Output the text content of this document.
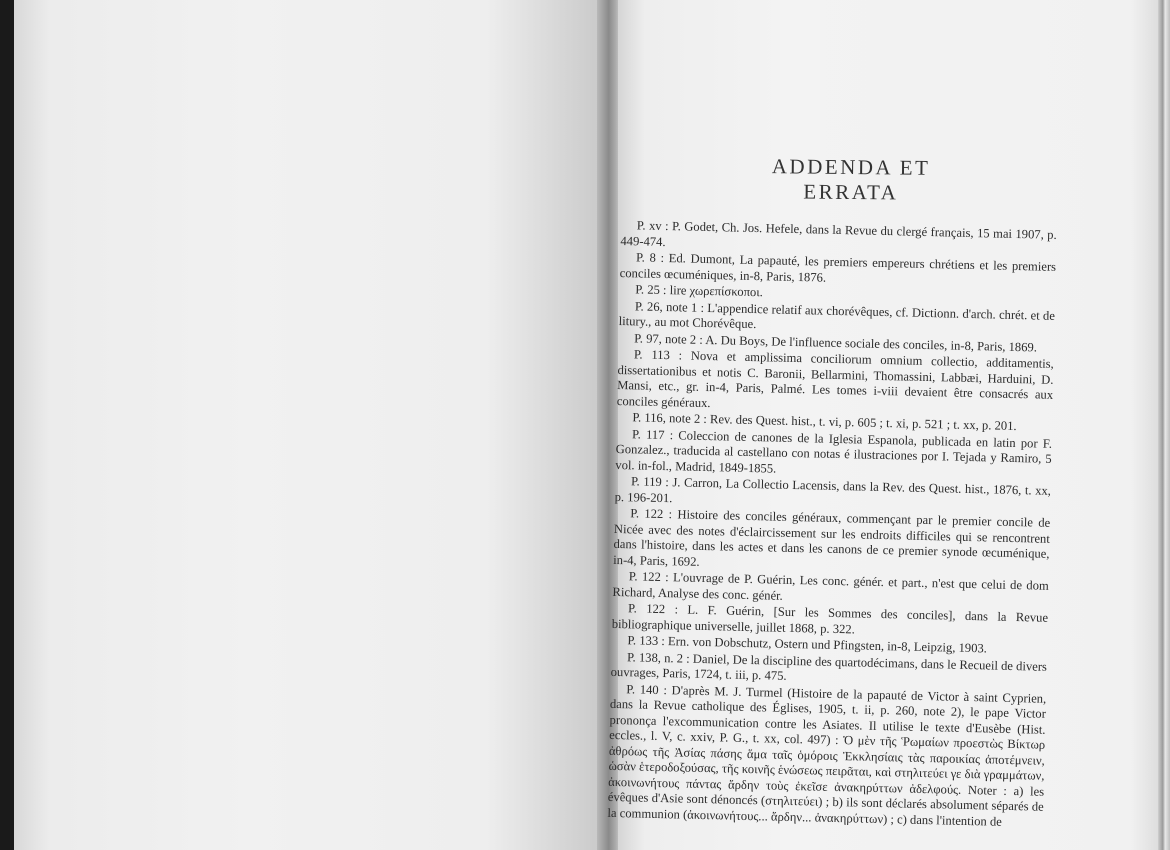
ADDENDA ET ERRATA

P. xv : P. Godet, Ch. Jos. Hefele, dans la Revue du clergé français, 15 mai 1907, p. 449-474.

P. 8 : Ed. Dumont, La papauté, les premiers empereurs chrétiens et les premiers conciles œcuméniques, in-8, Paris, 1876.

P. 25 : lire χωρεπίσκοποι.

P. 26, note 1 : L'appendice relatif aux chorévêques, cf. Dictionn. d'arch. chrét. et de litury., au mot Chorévêque.

P. 97, note 2 : A. Du Boys, De l'influence sociale des conciles, in-8, Paris, 1869.

P. 113 : Nova et amplissima conciliorum omnium collectio, additamentis, dissertationibus et notis C. Baronii, Bellarmini, Thomassini, Labbæi, Harduini, D. Mansi, etc., gr. in-4, Paris, Palmé. Les tomes i-viii devaient être consacrés aux conciles généraux.

P. 116, note 2 : Rev. des Quest. hist., t. vi, p. 605 ; t. xi, p. 521 ; t. xx, p. 201.

P. 117 : Coleccion de canones de la Iglesia Espanola, publicada en latin por F. Gonzalez., traducida al castellano con notas é ilustraciones por I. Tejada y Ramiro, 5 vol. in-fol., Madrid, 1849-1855.

P. 119 : J. Carron, La Collectio Lacensis, dans la Rev. des Quest. hist., 1876, t. xx, p. 196-201.

P. 122 : Histoire des conciles généraux, commençant par le premier concile de Nicée avec des notes d'éclaircissement sur les endroits difficiles qui se rencontrent dans l'histoire, dans les actes et dans les canons de ce premier synode œcuménique, in-4, Paris, 1692.

P. 122 : L'ouvrage de P. Guérin, Les conc. génér. et part., n'est que celui de dom Richard, Analyse des conc. génér.

P. 122 : L. F. Guérin, [Sur les Sommes des conciles], dans la Revue bibliographique universelle, juillet 1868, p. 322.

P. 133 : Ern. von Dobschutz, Ostern und Pfingsten, in-8, Leipzig, 1903.

P. 138, n. 2 : Daniel, De la discipline des quartodécimans, dans le Recueil de divers ouvrages, Paris, 1724, t. iii, p. 475.

P. 140 : D'après M. J. Turmel (Histoire de la papauté de Victor à saint Cyprien, dans la Revue catholique des Églises, 1905, t. ii, p. 260, note 2), le pape Victor prononça l'excommunication contre les Asiates. Il utilise le texte d'Eusèbe (Hist. eccles., l. V, c. xxiv, P. G., t. xx, col. 497) : Ὁ μὲν τῆς Ῥωμαίων προεστὼς Βίκτωρ ἀθρόως τῆς Ἀσίας πάσης ἅμα ταῖς ὁμόροις Ἐκκλησίαις τὰς παροικίας ἀποτέμνειν, ὡσὰν ἑτεροδοξούσας, τῆς κοινῆς ἑνώσεως πειρᾶται, καὶ στηλιτεύει γε διὰ γραμμάτων, ἀκοινωνήτους πάντας ἄρδην τοὺς ἐκεῖσε ἀνακηρύττων ἀδελφούς. Noter : a) les évêques d'Asie sont dénoncés (στηλιτεύει) ; b) ils sont déclarés absolument séparés de la communion (ἀκοινωνήτους... ἄρδην... ἀνακηρύττων) ; c) dans l'intention de
